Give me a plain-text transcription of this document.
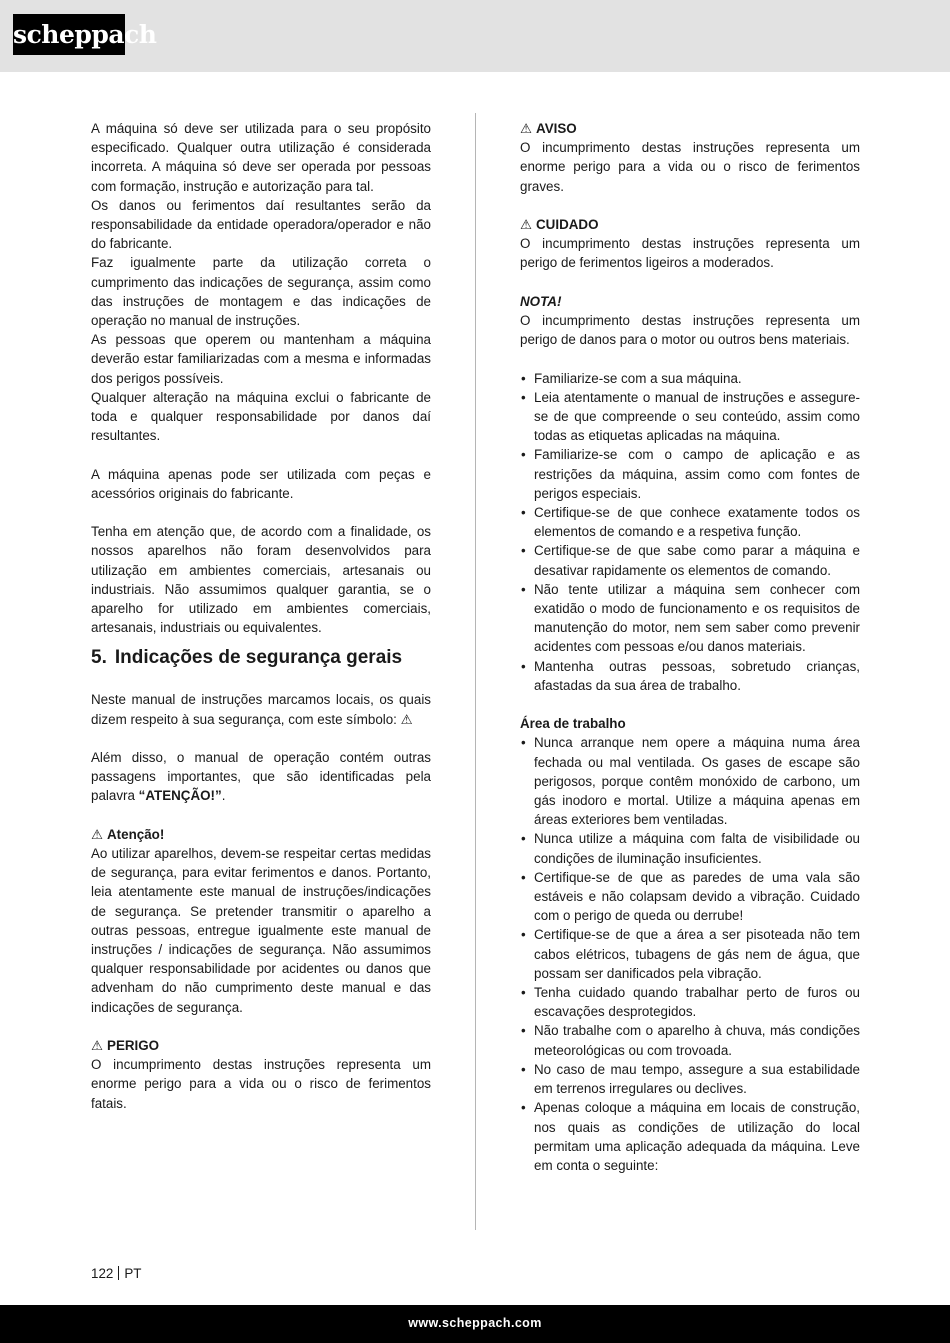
scheppach

A máquina só deve ser utilizada para o seu propósito especificado. Qualquer outra utilização é considerada incorreta. A máquina só deve ser operada por pessoas com formação, instrução e autorização para tal.

Os danos ou ferimentos daí resultantes serão da responsabilidade da entidade operadora/operador e não do fabricante.

Faz igualmente parte da utilização correta o cumprimento das indicações de segurança, assim como das instruções de montagem e das indicações de operação no manual de instruções.

As pessoas que operem ou mantenham a máquina deverão estar familiarizadas com a mesma e informadas dos perigos possíveis.

Qualquer alteração na máquina exclui o fabricante de toda e qualquer responsabilidade por danos daí resultantes.

A máquina apenas pode ser utilizada com peças e acessórios originais do fabricante.

Tenha em atenção que, de acordo com a finalidade, os nossos aparelhos não foram desenvolvidos para utilização em ambientes comerciais, artesanais ou industriais. Não assumimos qualquer garantia, se o aparelho for utilizado em ambientes comerciais, artesanais, industriais ou equivalentes.

5. Indicações de segurança gerais

Neste manual de instruções marcamos locais, os quais dizem respeito à sua segurança, com este símbolo: ⚠

Além disso, o manual de operação contém outras passagens importantes, que são identificadas pela palavra “ATENÇÃO!”.

⚠ Atenção!

Ao utilizar aparelhos, devem-se respeitar certas medidas de segurança, para evitar ferimentos e danos. Portanto, leia atentamente este manual de instruções/indicações de segurança. Se pretender transmitir o aparelho a outras pessoas, entregue igualmente este manual de instruções / indicações de segurança. Não assumimos qualquer responsabilidade por acidentes ou danos que advenham do não cumprimento deste manual e das indicações de segurança.

⚠ PERIGO

O incumprimento destas instruções representa um enorme perigo para a vida ou o risco de ferimentos fatais.

⚠ AVISO

O incumprimento destas instruções representa um enorme perigo para a vida ou o risco de ferimentos graves.

⚠ CUIDADO

O incumprimento destas instruções representa um perigo de ferimentos ligeiros a moderados.

NOTA!

O incumprimento destas instruções representa um perigo de danos para o motor ou outros bens materiais.

• Familiarize-se com a sua máquina.
• Leia atentamente o manual de instruções e assegure-se de que compreende o seu conteúdo, assim como todas as etiquetas aplicadas na máquina.
• Familiarize-se com o campo de aplicação e as restrições da máquina, assim como com fontes de perigos especiais.
• Certifique-se de que conhece exatamente todos os elementos de comando e a respetiva função.
• Certifique-se de que sabe como parar a máquina e desativar rapidamente os elementos de comando.
• Não tente utilizar a máquina sem conhecer com exatidão o modo de funcionamento e os requisitos de manutenção do motor, nem sem saber como prevenir acidentes com pessoas e/ou danos materiais.
• Mantenha outras pessoas, sobretudo crianças, afastadas da sua área de trabalho.

Área de trabalho

• Nunca arranque nem opere a máquina numa área fechada ou mal ventilada. Os gases de escape são perigosos, porque contêm monóxido de carbono, um gás inodoro e mortal. Utilize a máquina apenas em áreas exteriores bem ventiladas.
• Nunca utilize a máquina com falta de visibilidade ou condições de iluminação insuficientes.
• Certifique-se de que as paredes de uma vala são estáveis e não colapsam devido a vibração. Cuidado com o perigo de queda ou derrube!
• Certifique-se de que a área a ser pisoteada não tem cabos elétricos, tubagens de gás nem de água, que possam ser danificados pela vibração.
• Tenha cuidado quando trabalhar perto de furos ou escavações desprotegidos.
• Não trabalhe com o aparelho à chuva, más condições meteorológicas ou com trovoada.
• No caso de mau tempo, assegure a sua estabilidade em terrenos irregulares ou declives.
• Apenas coloque a máquina em locais de construção, nos quais as condições de utilização do local permitam uma aplicação adequada da máquina. Leve em conta o seguinte:
122 PT
www.scheppach.com
